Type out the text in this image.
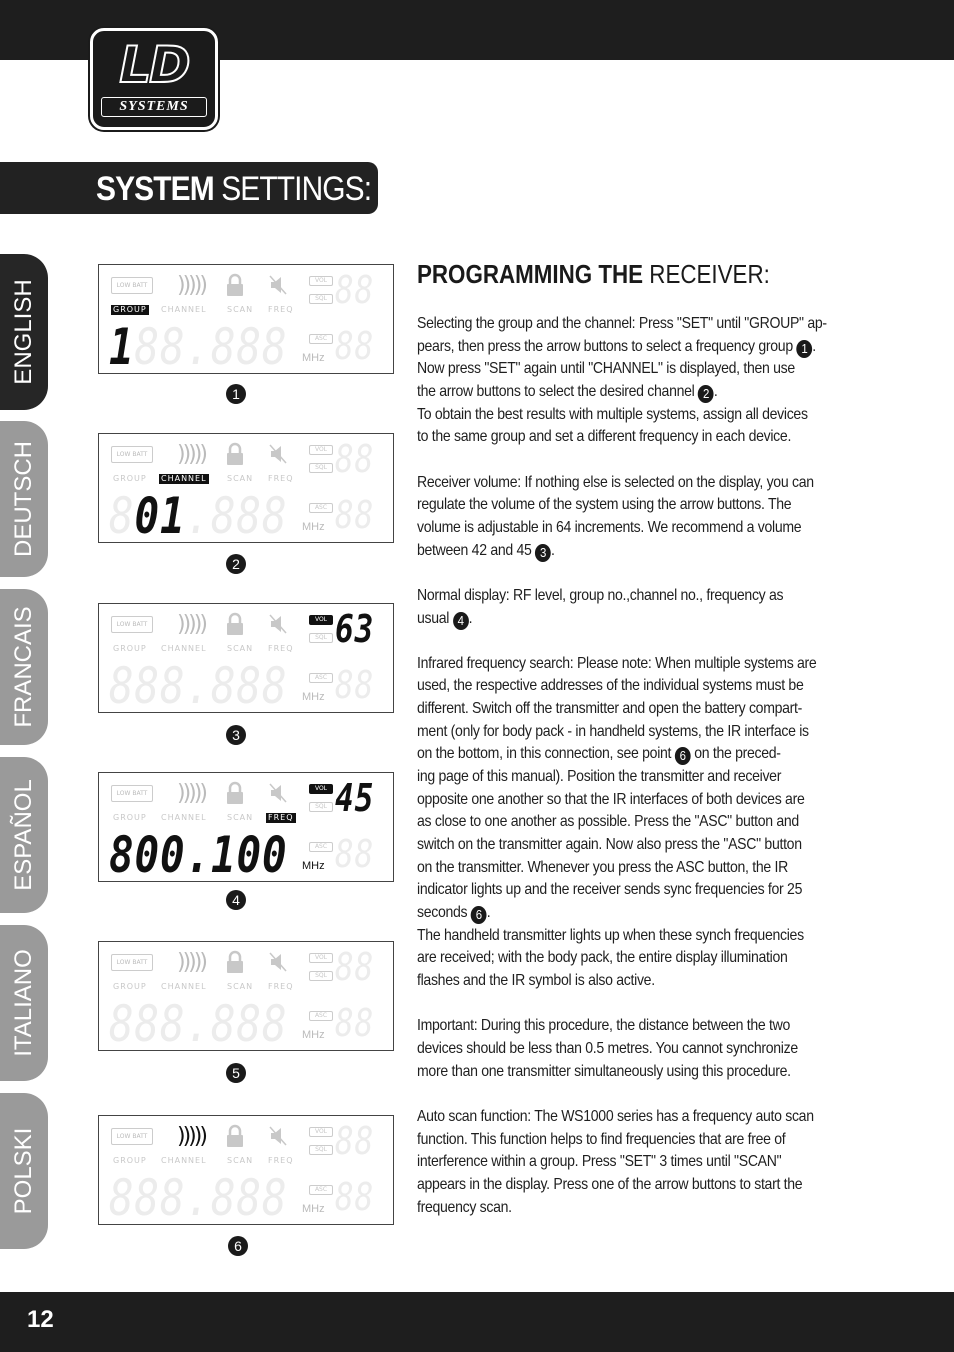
LD
SYSTEMS
SYSTEM SETTINGS:
ENGLISH
DEUTSCH
FRANCAIS
ESPAÑOL
ITALIANO
POLSKI
LOW BATT )))))
GROUP CHANNEL	SCAN FREQ
VOL
SQL
ASC
188.888
88
88
MHz
1
LOW BATT )))))
GROUP CHANNEL	SCAN FREQ
VOL
SQL
ASC
801.888
88
88
MHz
2
LOW BATT )))))
GROUP CHANNEL	SCAN FREQ
VOL
SQL
ASC
888.888
63
88
MHz
3
LOW BATT )))))
GROUP CHANNEL	SCAN FREQ
VOL
SQL
ASC
800.100
45
88
MHz
4
LOW BATT )))))
GROUP CHANNEL	SCAN FREQ
VOL
SQL
ASC
888.888
88
88
MHz
5
LOW BATT )))))
GROUP CHANNEL	SCAN FREQ
VOL
SQL
ASC
888.888
88
88
MHz
6
PROGRAMMING THE RECEIVER:

Selecting the group and the channel: Press "SET" until "GROUP" ap-

pears, then press the arrow buttons to select a frequency group 1 .

Now press "SET" again until "CHANNEL" is displayed, then use

the arrow buttons to select the desired channel 2 .

To obtain the best results with multiple systems, assign all devices

to the same group and set a different frequency in each device.

Receiver volume: If nothing else is selected on the display, you can

regulate the volume of the system using the arrow buttons. The

volume is adjustable in 64 increments. We recommend a volume

between 42 and 45 3 .

Normal display: RF level, group no.,channel no., frequency as

usual 4 .

Infrared frequency search: Please note: When multiple systems are

used, the respective addresses of the individual systems must be

different. Switch off the transmitter and open the battery compart-

ment (only for body pack - in handheld systems, the IR interface is

on the bottom, in this connection, see point 6 on the preced-

ing page of this manual). Position the transmitter and receiver

opposite one another so that the IR interfaces of both devices are

as close to one another as possible. Press the "ASC" button and

switch on the transmitter again. Now also press the "ASC" button

on the transmitter. Whenever you press the ASC button, the IR

indicator lights up and the receiver sends sync frequencies for 25

seconds 6 .

The handheld transmitter lights up when these synch frequencies

are received; with the body pack, the entire display illumination

flashes and the IR symbol is also active.

Important: During this procedure, the distance between the two

devices should be less than 0.5 metres. You cannot synchronize

more than one transmitter simultaneously using this procedure.

Auto scan function: The WS1000 series has a frequency auto scan

function. This function helps to find frequencies that are free of

interference within a group. Press "SET" 3 times until "SCAN"

appears in the display. Press one of the arrow buttons to start the

frequency scan.

12
